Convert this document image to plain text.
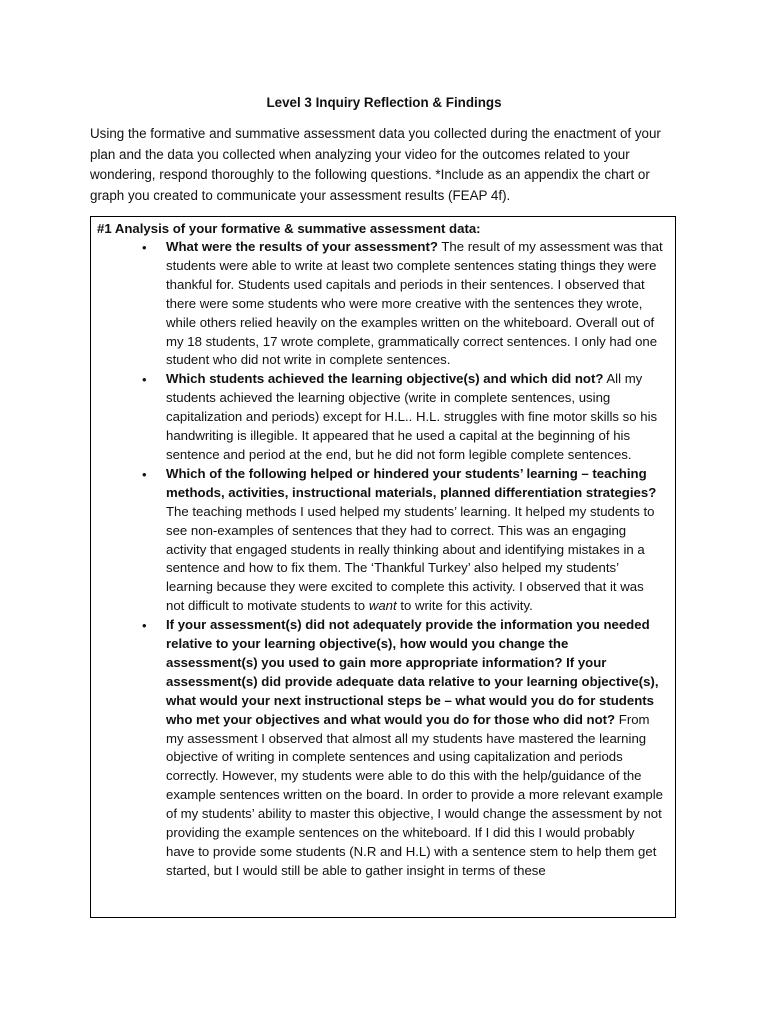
Level 3 Inquiry Reflection & Findings
Using the formative and summative assessment data you collected during the enactment of your plan and the data you collected when analyzing your video for the outcomes related to your wondering, respond thoroughly to the following questions. *Include as an appendix the chart or graph you created to communicate your assessment results (FEAP 4f).
#1 Analysis of your formative & summative assessment data:
• What were the results of your assessment? The result of my assessment was that students were able to write at least two complete sentences stating things they were thankful for. Students used capitals and periods in their sentences. I observed that there were some students who were more creative with the sentences they wrote, while others relied heavily on the examples written on the whiteboard. Overall out of my 18 students, 17 wrote complete, grammatically correct sentences. I only had one student who did not write in complete sentences.
• Which students achieved the learning objective(s) and which did not? All my students achieved the learning objective (write in complete sentences, using capitalization and periods) except for H.L.. H.L. struggles with fine motor skills so his handwriting is illegible. It appeared that he used a capital at the beginning of his sentence and period at the end, but he did not form legible complete sentences.
• Which of the following helped or hindered your students’ learning – teaching methods, activities, instructional materials, planned differentiation strategies? The teaching methods I used helped my students’ learning. It helped my students to see non-examples of sentences that they had to correct. This was an engaging activity that engaged students in really thinking about and identifying mistakes in a sentence and how to fix them. The ‘Thankful Turkey’ also helped my students’ learning because they were excited to complete this activity. I observed that it was not difficult to motivate students to want to write for this activity.
• If your assessment(s) did not adequately provide the information you needed relative to your learning objective(s), how would you change the assessment(s) you used to gain more appropriate information? If your assessment(s) did provide adequate data relative to your learning objective(s), what would your next instructional steps be – what would you do for students who met your objectives and what would you do for those who did not? From my assessment I observed that almost all my students have mastered the learning objective of writing in complete sentences and using capitalization and periods correctly. However, my students were able to do this with the help/guidance of the example sentences written on the board. In order to provide a more relevant example of my students’ ability to master this objective, I would change the assessment by not providing the example sentences on the whiteboard. If I did this I would probably have to provide some students (N.R and H.L) with a sentence stem to help them get started, but I would still be able to gather insight in terms of these
